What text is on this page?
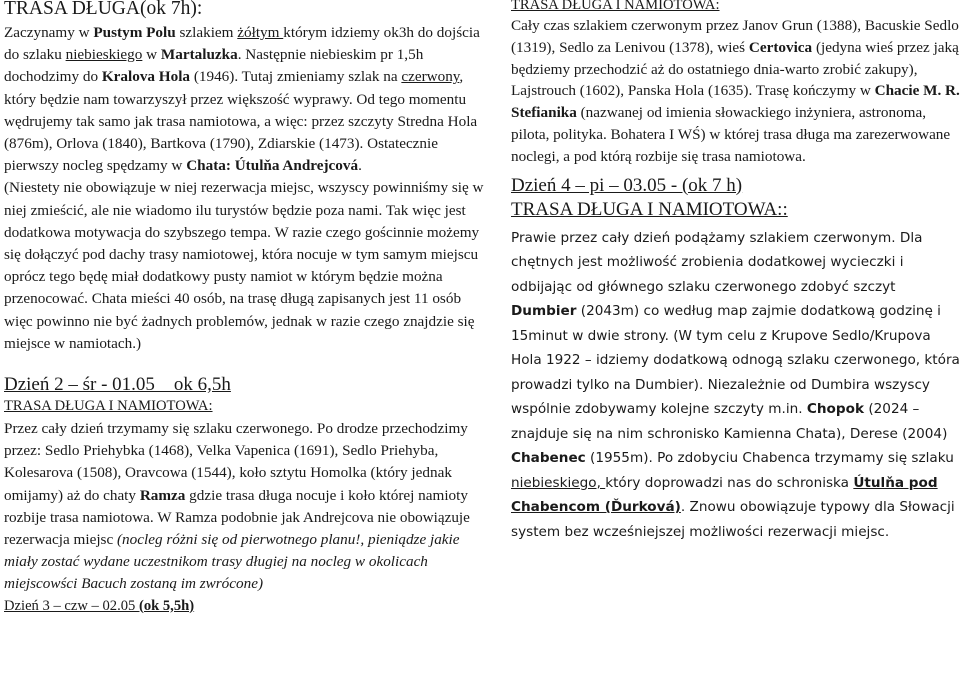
TRASA DŁUGA(ok 7h):

Zaczynamy w Pustym Polu szlakiem żółtym którym idziemy ok3h do dojścia do szlaku niebieskiego w Martaluzka. Następnie niebieskim pr 1,5h dochodzimy do Kralova Hola (1946). Tutaj zmieniamy szlak na czerwony, który będzie nam towarzyszył przez większość wyprawy. Od tego momentu wędrujemy tak samo jak trasa namiotowa, a więc: przez szczyty Stredna Hola (876m), Orlova (1840), Bartkova (1790), Zdiarskie (1473). Ostatecznie pierwszy nocleg spędzamy w Chata: Útulňa Andrejcová.

(Niestety nie obowiązuje w niej rezerwacja miejsc, wszyscy powinniśmy się w niej zmieścić, ale nie wiadomo ilu turystów będzie poza nami. Tak więc jest dodatkowa motywacja do szybszego tempa. W razie czego gościnnie możemy się dołączyć pod dachy trasy namiotowej, która nocuje w tym samym miejscu oprócz tego będę miał dodatkowy pusty namiot w którym będzie można przenocować. Chata mieści 40 osób, na trasę długą zapisanych jest 11 osób więc powinno nie być żadnych problemów, jednak w razie czego znajdzie się miejsce w namiotach.)

Dzień 2 – śr - 01.05    ok 6,5h

TRASA DŁUGA I NAMIOTOWA:

Przez cały dzień trzymamy się szlaku czerwonego. Po drodze przechodzimy przez: Sedlo Priehybka (1468), Velka Vapenica (1691), Sedlo Priehyba, Kolesarova (1508), Oravcowa (1544), koło sztytu Homolka (który jednak omijamy) aż do chaty Ramza gdzie trasa długa nocuje i koło której namioty rozbije trasa namiotowa. W Ramza podobnie jak Andrejcova nie obowiązuje rezerwacja miejsc (nocleg różni się od pierwotnego planu!, pieniądze jakie miały zostać wydane uczestnikom trasy długiej na nocleg w okolicach miejscowści Bacuch zostaną im zwrócone)

Dzień 3 – czw – 02.05 (ok 5,5h)

TRASA DŁUGA I NAMIOTOWA:

Cały czas szlakiem czerwonym przez Janov Grun (1388), Bacuskie Sedlo (1319), Sedlo za Lenivou (1378), wieś Certovica (jedyna wieś przez jaką będziemy przechodzić aż do ostatniego dnia-warto zrobić zakupy), Lajstrouch (1602), Panska Hola (1635). Trasę kończymy w Chacie M. R. Stefianika (nazwanej od imienia słowackiego inżyniera, astronoma, pilota, polityka. Bohatera I WŚ) w której trasa długa ma zarezerwowane noclegi, a pod którą rozbije się trasa namiotowa.

Dzień 4 – pi – 03.05 - (ok 7 h)

TRASA DŁUGA I NAMIOTOWA::

Prawie przez cały dzień podążamy szlakiem czerwonym. Dla chętnych jest możliwość zrobienia dodatkowej wycieczki i odbijając od głównego szlaku czerwonego zdobyć szczyt Dumbier (2043m) co według map zajmie dodatkową godzinę i 15minut w dwie strony. (W tym celu z Krupove Sedlo/Krupova Hola 1922 – idziemy dodatkową odnogą szlaku czerwonego, która prowadzi tylko na Dumbier). Niezależnie od Dumbira wszyscy wspólnie zdobywamy kolejne szczyty m.in. Chopok (2024 – znajduje się na nim schronisko Kamienna Chata), Derese (2004) Chabenec (1955m). Po zdobyciu Chabenca trzymamy się szlaku niebieskiego, który doprowadzi nas do schroniska Útulňa pod Chabencom (Ďurková). Znowu obowiązuje typowy dla Słowacji system bez wcześniejszej możliwości rezerwacji miejsc.
